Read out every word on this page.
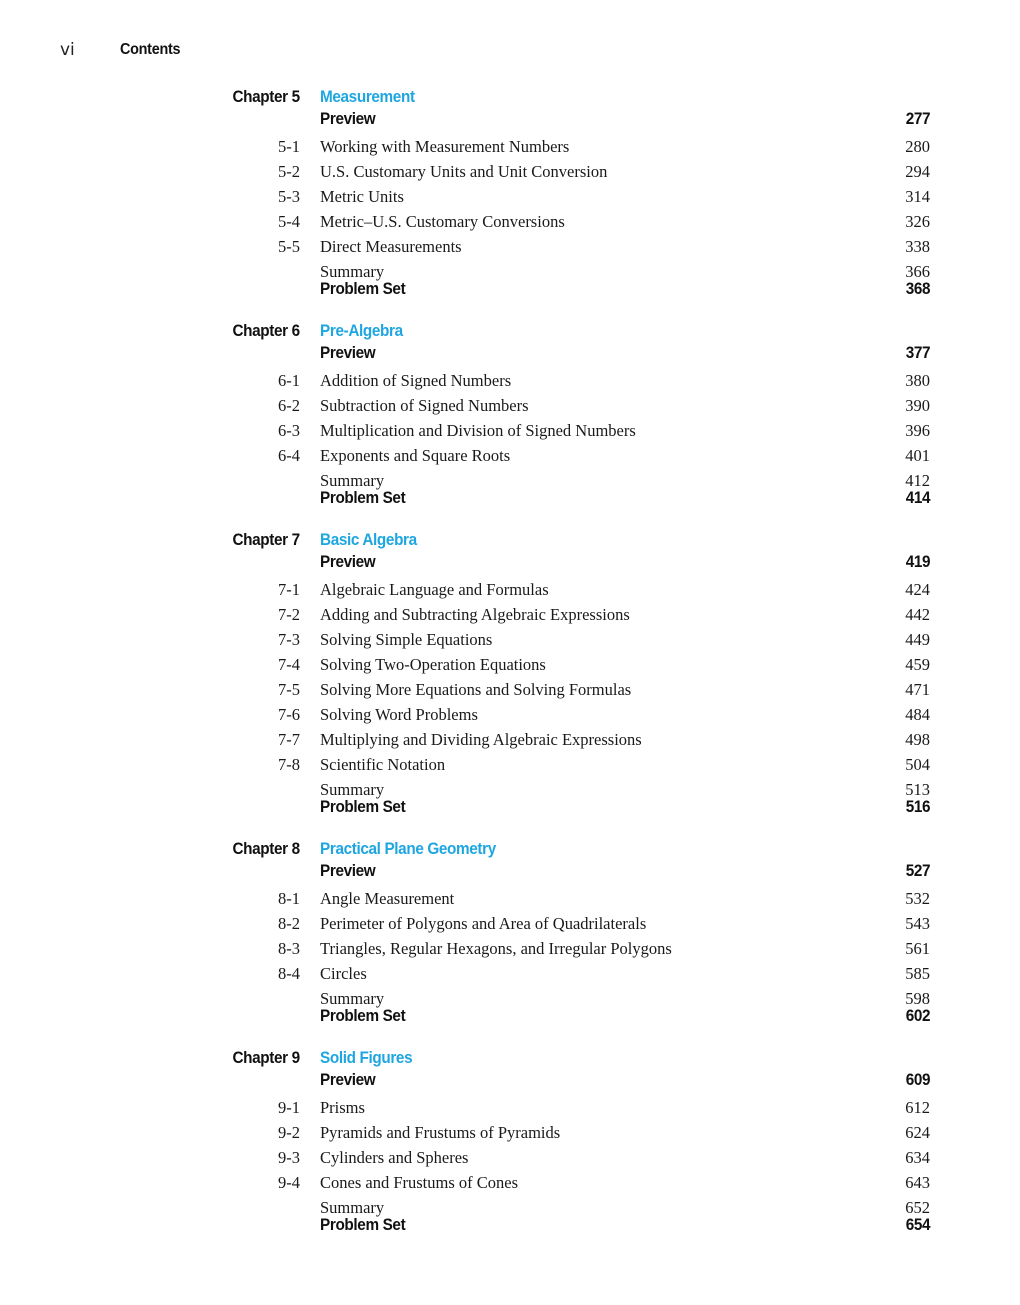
vi	Contents
Chapter 5 Measurement
Preview	277
5-1 Working with Measurement Numbers	280
5-2 U.S. Customary Units and Unit Conversion	294
5-3 Metric Units	314
5-4 Metric–U.S. Customary Conversions	326
5-5 Direct Measurements	338
Summary	366
Problem Set	368
Chapter 6 Pre-Algebra
Preview	377
6-1 Addition of Signed Numbers	380
6-2 Subtraction of Signed Numbers	390
6-3 Multiplication and Division of Signed Numbers	396
6-4 Exponents and Square Roots	401
Summary	412
Problem Set	414
Chapter 7 Basic Algebra
Preview	419
7-1 Algebraic Language and Formulas	424
7-2 Adding and Subtracting Algebraic Expressions	442
7-3 Solving Simple Equations	449
7-4 Solving Two-Operation Equations	459
7-5 Solving More Equations and Solving Formulas	471
7-6 Solving Word Problems	484
7-7 Multiplying and Dividing Algebraic Expressions	498
7-8 Scientific Notation	504
Summary	513
Problem Set	516
Chapter 8 Practical Plane Geometry
Preview	527
8-1 Angle Measurement	532
8-2 Perimeter of Polygons and Area of Quadrilaterals	543
8-3 Triangles, Regular Hexagons, and Irregular Polygons	561
8-4 Circles	585
Summary	598
Problem Set	602
Chapter 9 Solid Figures
Preview	609
9-1 Prisms	612
9-2 Pyramids and Frustums of Pyramids	624
9-3 Cylinders and Spheres	634
9-4 Cones and Frustums of Cones	643
Summary	652
Problem Set	654
